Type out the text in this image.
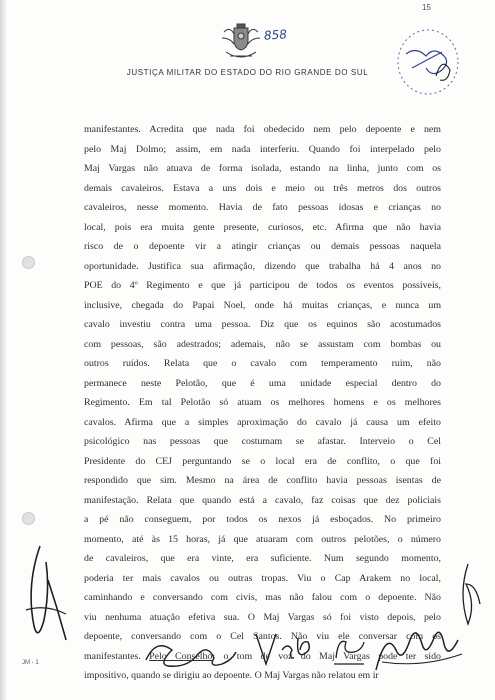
858
15
JUSTIÇA MILITAR DO ESTADO DO RIO GRANDE DO SUL
manifestantes. Acredita que nada foi obedecido nem pelo depoente e nem
pelo Maj Dolmo; assim, em nada interferiu. Quando foi interpelado pelo
Maj Vargas não atuava de forma isolada, estando na linha, junto com os
demais cavaleiros. Estava a uns dois e meio ou três metros dos outros
cavaleiros, nesse momento. Havia de fato pessoas idosas e crianças no
local, pois era muita gente presente, curiosos, etc. Afirma que não havia
risco de o depoente vir a atingir crianças ou demais pessoas naquela
oportunidade. Justifica sua afirmação, dizendo que trabalha há 4 anos no
POE do 4º Regimento e que já participou de todos os eventos possíveis,
inclusive, chegada do Papai Noel, onde há muitas crianças, e nunca um
cavalo investiu contra uma pessoa. Diz que os equinos são acostumados
com pessoas, são adestrados; ademais, não se assustam com bombas ou
outros ruídos. Relata que o cavalo com temperamento ruim, não
permanece neste Pelotão, que é uma unidade especial dentro do
Regimento. Em tal Pelotão só atuam os melhores homens e os melhores
cavalos. Afirma que a simples aproximação do cavalo já causa um efeito
psicológico nas pessoas que costumam se afastar. Interveio o Cel
Presidente do CEJ perguntando se o local era de conflito, o que foi
respondido que sim. Mesmo na área de conflito havia pessoas isentas de
manifestação. Relata que quando está a cavalo, faz coisas que dez policiais
a pé não conseguem, por todos os nexos já esboçados. No primeiro
momento, até às 15 horas, já que atuaram com outros pelotões, o número
de cavaleiros, que era vinte, era suficiente. Num segundo momento,
poderia ter mais cavalos ou outras tropas. Viu o Cap Arakem no local,
caminhando e conversando com civis, mas não falou com o depoente. Não
viu nenhuma atuação efetiva sua. O Maj Vargas só foi visto depois, pelo
depoente, conversando com o Cel Santos. Não viu ele conversar com os
manifestantes. Pelo Conselho: o tom de voz do Maj Vargas pode ter sido
impositivo, quando se dirigiu ao depoente. O Maj Vargas não relatou em ir
JM - 1
